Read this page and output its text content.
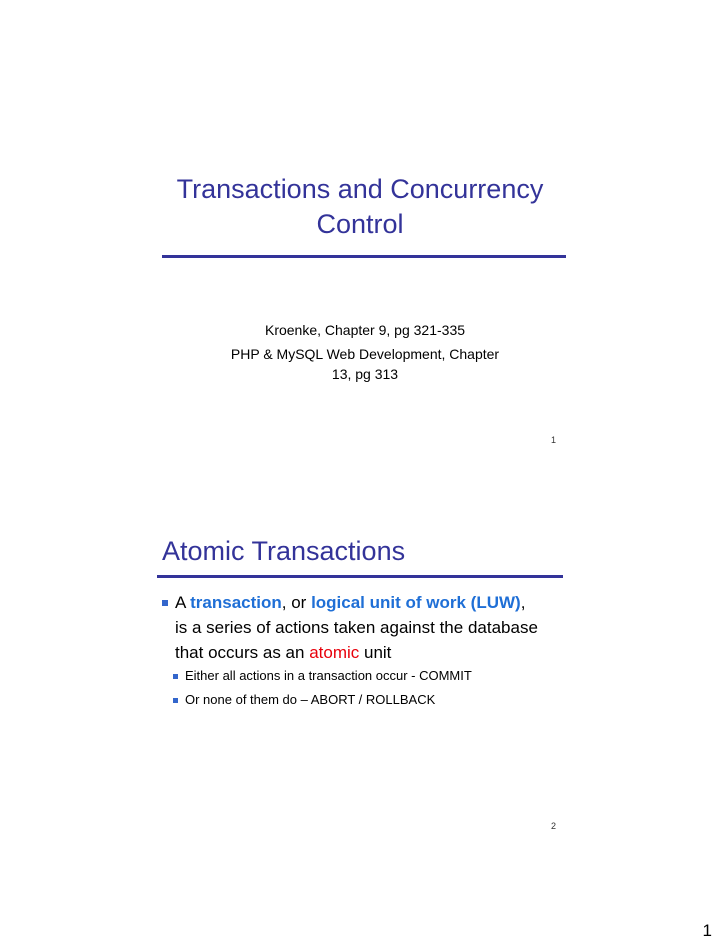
Transactions and Concurrency
Control
Kroenke, Chapter 9, pg 321-335
PHP & MySQL Web Development, Chapter
13, pg 313
1
Atomic Transactions
A transaction, or logical unit of work (LUW),
is a series of actions taken against the database
that occurs as an atomic unit
Either all actions in a transaction occur - COMMIT
Or none of them do – ABORT / ROLLBACK
2
1
